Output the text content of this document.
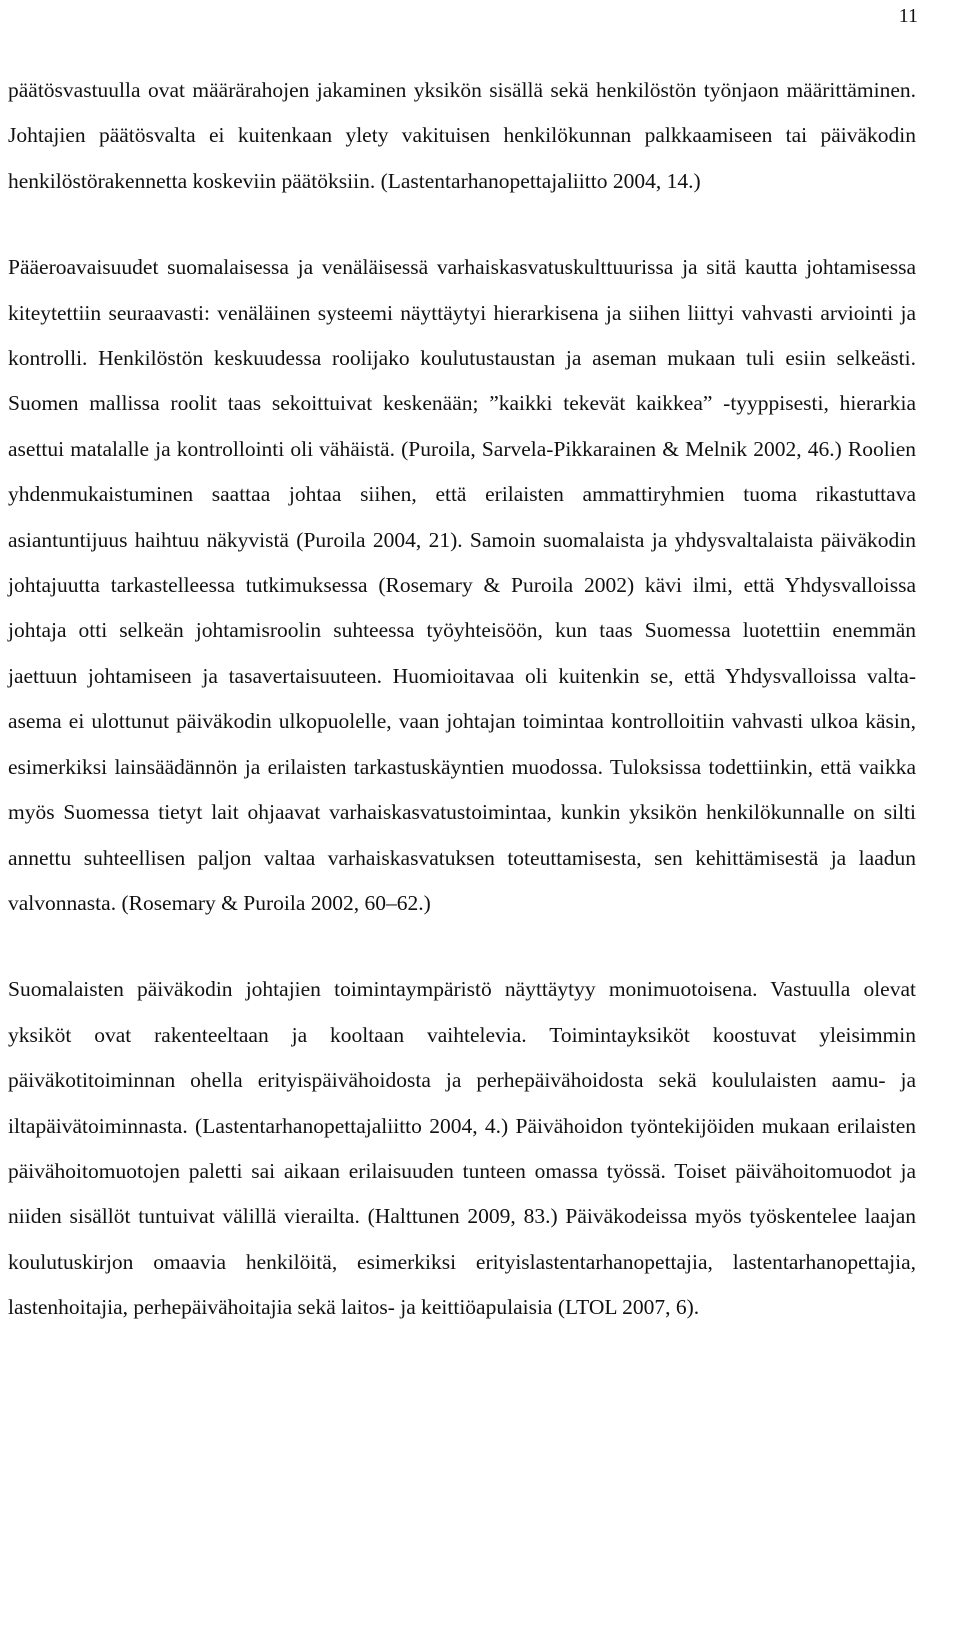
11

päätösvastuulla ovat määrärahojen jakaminen yksikön sisällä sekä henkilöstön työnjaon määrittäminen. Johtajien päätösvalta ei kuitenkaan ylety vakituisen henkilökunnan palkkaamiseen tai päiväkodin henkilöstörakennetta koskeviin päätöksiin. (Lastentarhanopettajaliitto 2004, 14.)

Pääeroavaisuudet suomalaisessa ja venäläisessä varhaiskasvatuskulttuurissa ja sitä kautta johtamisessa kiteytettiin seuraavasti: venäläinen systeemi näyttäytyi hierarkisena ja siihen liittyi vahvasti arviointi ja kontrolli. Henkilöstön keskuudessa roolijako koulutustaustan ja aseman mukaan tuli esiin selkeästi. Suomen mallissa roolit taas sekoittuivat keskenään; ”kaikki tekevät kaikkea” -tyyppisesti, hierarkia asettui matalalle ja kontrollointi oli vähäistä. (Puroila, Sarvela-Pikkarainen & Melnik 2002, 46.) Roolien yhdenmukaistuminen saattaa johtaa siihen, että erilaisten ammattiryhmien tuoma rikastuttava asiantuntijuus haihtuu näkyvistä (Puroila 2004, 21). Samoin suomalaista ja yhdysvaltalaista päiväkodin johtajuutta tarkastelleessa tutkimuksessa (Rosemary & Puroila 2002) kävi ilmi, että Yhdysvalloissa johtaja otti selkeän johtamisroolin suhteessa työyhteisöön, kun taas Suomessa luotettiin enemmän jaettuun johtamiseen ja tasavertaisuuteen. Huomioitavaa oli kuitenkin se, että Yhdysvalloissa valta-asema ei ulottunut päiväkodin ulkopuolelle, vaan johtajan toimintaa kontrolloitiin vahvasti ulkoa käsin, esimerkiksi lainsäädännön ja erilaisten tarkastuskäyntien muodossa. Tuloksissa todettiinkin, että vaikka myös Suomessa tietyt lait ohjaavat varhaiskasvatustoimintaa, kunkin yksikön henkilökunnalle on silti annettu suhteellisen paljon valtaa varhaiskasvatuksen toteuttamisesta, sen kehittämisestä ja laadun valvonnasta. (Rosemary & Puroila 2002, 60–62.)

Suomalaisten päiväkodin johtajien toimintaympäristö näyttäytyy monimuotoisena. Vastuulla olevat yksiköt ovat rakenteeltaan ja kooltaan vaihtelevia. Toimintayksiköt koostuvat yleisimmin päiväkotitoiminnan ohella erityispäivähoidosta ja perhepäivähoidosta sekä koululaisten aamu- ja iltapäivätoiminnasta. (Lastentarhanopettajaliitto 2004, 4.) Päivähoidon työntekijöiden mukaan erilaisten päivähoitomuotojen paletti sai aikaan erilaisuuden tunteen omassa työssä. Toiset päivähoitomuodot ja niiden sisällöt tuntuivat välillä vierailta. (Halttunen 2009, 83.) Päiväkodeissa myös työskentelee laajan koulutuskirjon omaavia henkilöitä, esimerkiksi erityislastentarhanopettajia, lastentarhanopettajia, lastenhoitajia, perhepäivähoitajia sekä laitos- ja keittiöapulaisia (LTOL 2007, 6).
